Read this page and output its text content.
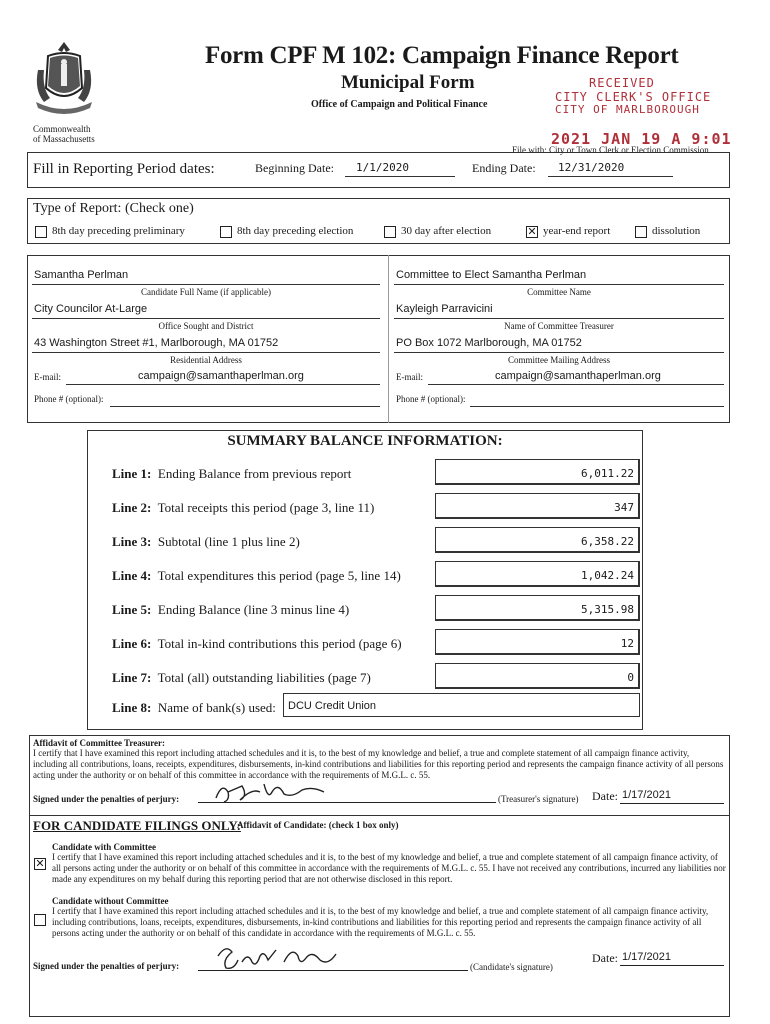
Commonwealth
of Massachusetts
Form CPF M 102: Campaign Finance Report
Municipal Form
Office of Campaign and Political Finance
RECEIVED
CITY CLERK'S OFFICE
CITY OF MARLBOROUGH
2021 JAN 19 A 9:01
File with: City or Town Clerk or Election Commission
Fill in Reporting Period dates:	Beginning Date: 1/1/2020	Ending Date: 12/31/2020
Type of Report: (Check one)
8th day preceding preliminary	8th day preceding election	30 day after election	✕ year-end report	dissolution
Samantha Perlman
Candidate Full Name (if applicable)
City Councilor At-Large
Office Sought and District
43 Washington Street #1, Marlborough, MA 01752
Residential Address
E-mail:	campaign@samanthaperlman.org
Phone # (optional):
Committee to Elect Samantha Perlman
Committee Name
Kayleigh Parravicini
Name of Committee Treasurer
PO Box 1072 Marlborough, MA 01752
Committee Mailing Address
E-mail:	campaign@samanthaperlman.org
Phone # (optional):
SUMMARY BALANCE INFORMATION:
Line 1: Ending Balance from previous report	6,011.22
Line 2: Total receipts this period (page 3, line 11)	347
Line 3: Subtotal (line 1 plus line 2)	6,358.22
Line 4: Total expenditures this period (page 5, line 14)	1,042.24
Line 5: Ending Balance (line 3 minus line 4)	5,315.98
Line 6: Total in-kind contributions this period (page 6)	12
Line 7: Total (all) outstanding liabilities (page 7)	0
Line 8: Name of bank(s) used:	DCU Credit Union
Affidavit of Committee Treasurer:
I certify that I have examined this report including attached schedules and it is, to the best of my knowledge and belief, a true and complete statement of all campaign finance activity, including all contributions, loans, receipts, expenditures, disbursements, in-kind contributions and liabilities for this reporting period and represents the campaign finance activity of all persons acting under the authority or on behalf of this committee in accordance with the requirements of M.G.L. c. 55.
Signed under the penalties of perjury:	(Treasurer's signature) Date: 1/17/2021
FOR CANDIDATE FILINGS ONLY:
Affidavit of Candidate: (check 1 box only)
Candidate with Committee
✕ I certify that I have examined this report including attached schedules and it is, to the best of my knowledge and belief, a true and complete statement of all campaign finance activity, of all persons acting under the authority or on behalf of this committee in accordance with the requirements of M.G.L. c. 55. I have not received any contributions, incurred any liabilities nor made any expenditures on my behalf during this reporting period that are not otherwise disclosed in this report.
Candidate without Committee
I certify that I have examined this report including attached schedules and it is, to the best of my knowledge and belief, a true and complete statement of all campaign finance activity, including contributions, loans, receipts, expenditures, disbursements, in-kind contributions and liabilities for this reporting period and represents the campaign finance activity of all persons acting under the authority or on behalf of this candidate in accordance with the requirements of M.G.L. c. 55.
Signed under the penalties of perjury:	(Candidate's signature)
Date: 1/17/2021
